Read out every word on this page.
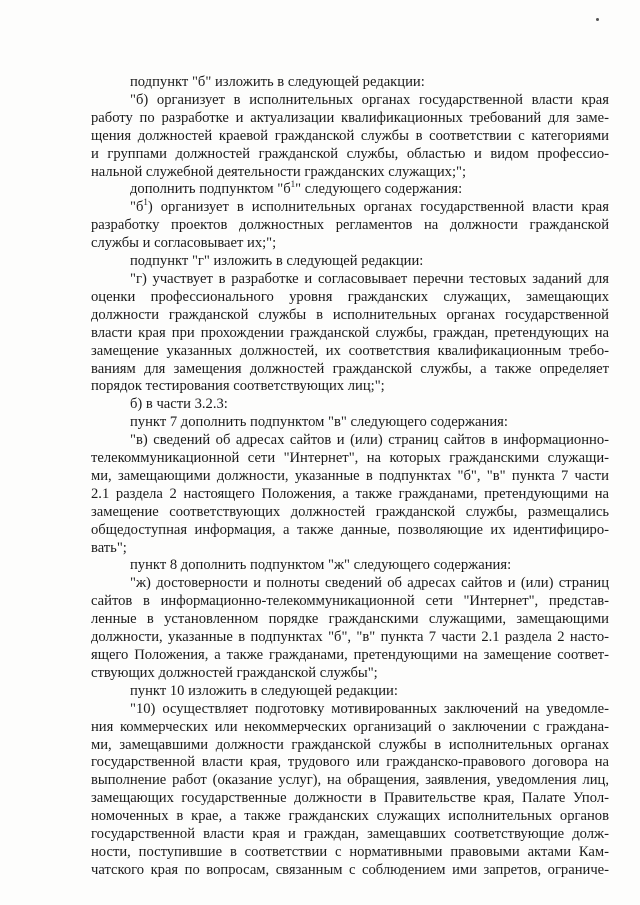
подпункт "б" изложить в следующей редакции:
"б) организует в исполнительных органах государственной власти края
работу по разработке и актуализации квалификационных требований для заме-
щения должностей краевой гражданской службы в соответствии с категориями
и группами должностей гражданской службы, областью и видом профессио-
нальной служебной деятельности гражданских служащих;";
дополнить подпунктом "$б^1$" следующего содержания:
"$б^1$) организует в исполнительных органах государственной власти края
разработку проектов должностных регламентов на должности гражданской
службы и согласовывает их;";
подпункт "г" изложить в следующей редакции:
"г) участвует в разработке и согласовывает перечни тестовых заданий для
оценки профессионального уровня гражданских служащих, замещающих
должности гражданской службы в исполнительных органах государственной
власти края при прохождении гражданской службы, граждан, претендующих на
замещение указанных должностей, их соответствия квалификационным требо-
ваниям для замещения должностей гражданской службы, а также определяет
порядок тестирования соответствующих лиц;";
б) в части 3.2.3:
пункт 7 дополнить подпунктом "в" следующего содержания:
"в) сведений об адресах сайтов и (или) страниц сайтов в информационно-
телекоммуникационной сети "Интернет", на которых гражданскими служащи-
ми, замещающими должности, указанные в подпунктах "б", "в" пункта 7 части
2.1 раздела 2 настоящего Положения, а также гражданами, претендующими на
замещение соответствующих должностей гражданской службы, размещались
общедоступная информация, а также данные, позволяющие их идентифициро-
вать";
пункт 8 дополнить подпунктом "ж" следующего содержания:
"ж) достоверности и полноты сведений об адресах сайтов и (или) страниц
сайтов в информационно-телекоммуникационной сети "Интернет", представ-
ленные в установленном порядке гражданскими служащими, замещающими
должности, указанные в подпунктах "б", "в" пункта 7 части 2.1 раздела 2 насто-
ящего Положения, а также гражданами, претендующими на замещение соответ-
ствующих должностей гражданской службы";
пункт 10 изложить в следующей редакции:
"10) осуществляет подготовку мотивированных заключений на уведомле-
ния коммерческих или некоммерческих организаций о заключении с граждана-
ми, замещавшими должности гражданской службы в исполнительных органах
государственной власти края, трудового или гражданско-правового договора на
выполнение работ (оказание услуг), на обращения, заявления, уведомления лиц,
замещающих государственные должности в Правительстве края, Палате Упол-
номоченных в крае, а также гражданских служащих исполнительных органов
государственной власти края и граждан, замещавших соответствующие долж-
ности, поступившие в соответствии с нормативными правовыми актами Кам-
чатского края по вопросам, связанным с соблюдением ими запретов, ограниче-
